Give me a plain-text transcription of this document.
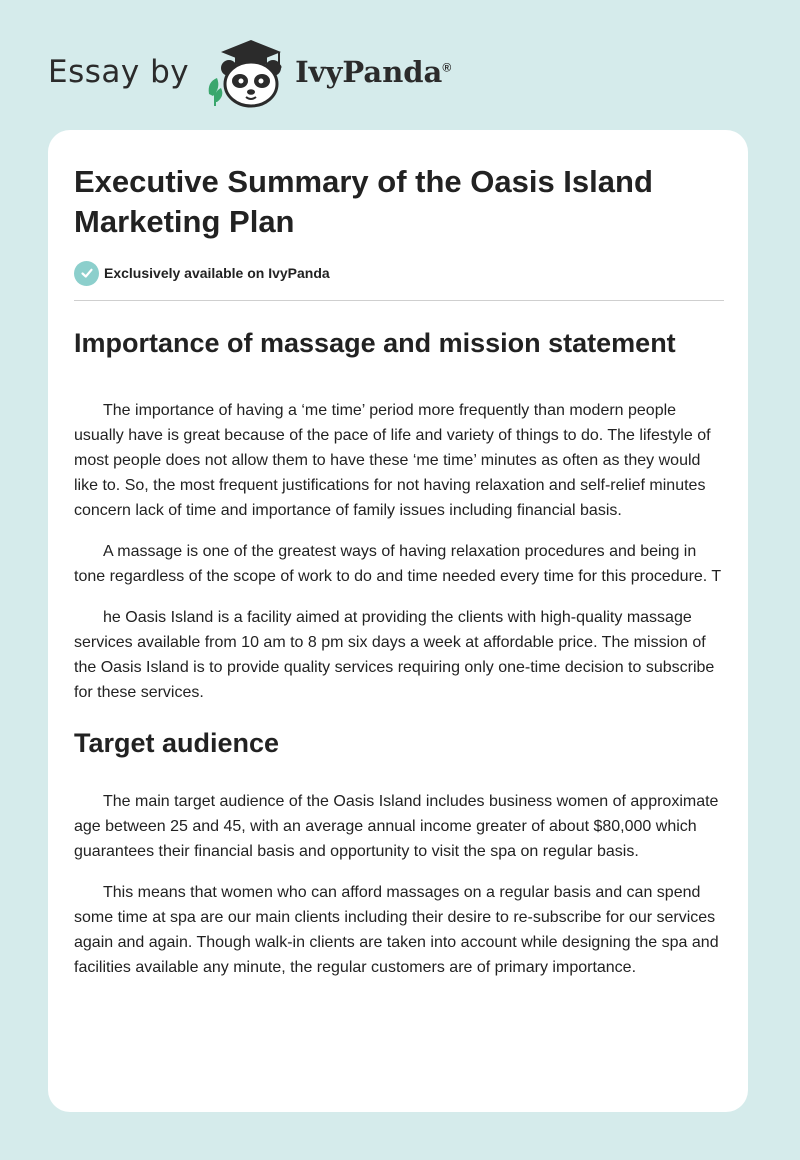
Essay by	IvyPanda®
Executive Summary of the Oasis Island Marketing Plan
Exclusively available on IvyPanda
Importance of massage and mission statement

The importance of having a ‘me time’ period more frequently than modern people usually have is great because of the pace of life and variety of things to do. The lifestyle of most people does not allow them to have these ‘me time’ minutes as often as they would like to. So, the most frequent justifications for not having relaxation and self-relief minutes concern lack of time and importance of family issues including financial basis.

A massage is one of the greatest ways of having relaxation procedures and being in tone regardless of the scope of work to do and time needed every time for this procedure. T

he Oasis Island is a facility aimed at providing the clients with high-quality massage services available from 10 am to 8 pm six days a week at affordable price. The mission of the Oasis Island is to provide quality services requiring only one-time decision to subscribe for these services.

Target audience

The main target audience of the Oasis Island includes business women of approximate age between 25 and 45, with an average annual income greater of about $80,000 which guarantees their financial basis and opportunity to visit the spa on regular basis.

This means that women who can afford massages on a regular basis and can spend some time at spa are our main clients including their desire to re-subscribe for our services again and again. Though walk-in clients are taken into account while designing the spa and facilities available any minute, the regular customers are of primary importance.
